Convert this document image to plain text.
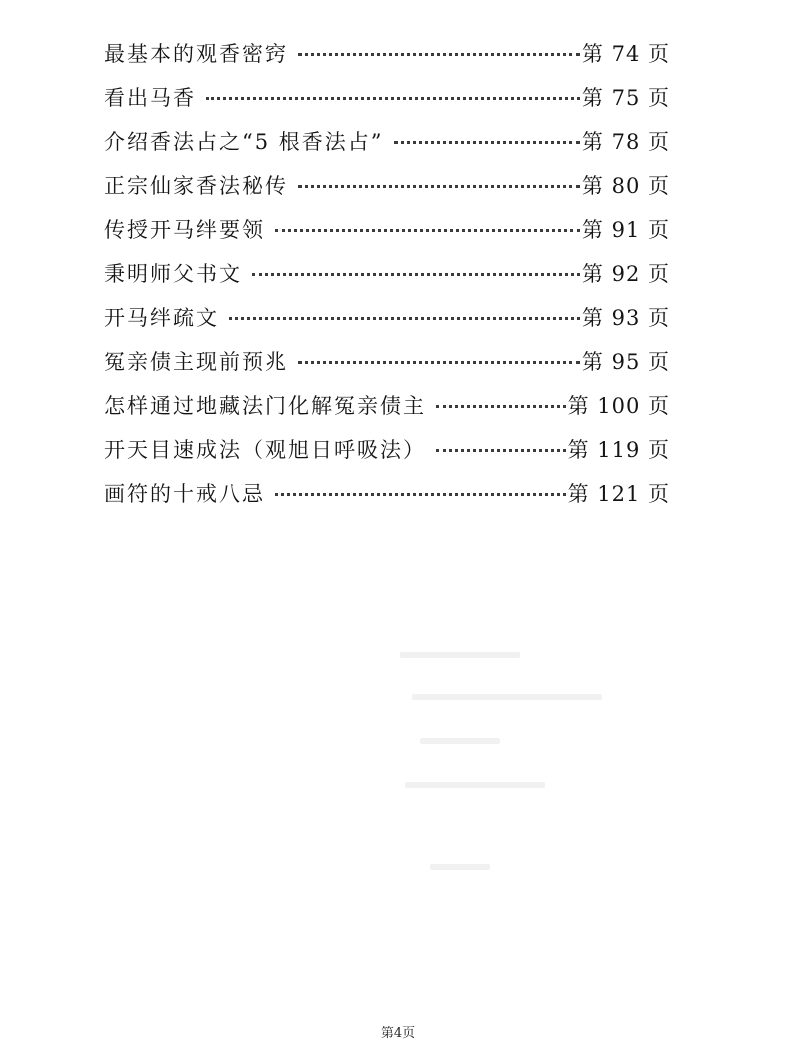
最基本的观香密窍	第 74 页
看出马香	第 75 页
介绍香法占之“5 根香法占”	第 78 页
正宗仙家香法秘传	第 80 页
传授开马绊要领	第 91 页
秉明师父书文	第 92 页
开马绊疏文	第 93 页
冤亲债主现前预兆	第 95 页
怎样通过地藏法门化解冤亲债主	第 100 页
开天目速成法（观旭日呼吸法）	第 119 页
画符的十戒八忌	第 121 页
第4页
